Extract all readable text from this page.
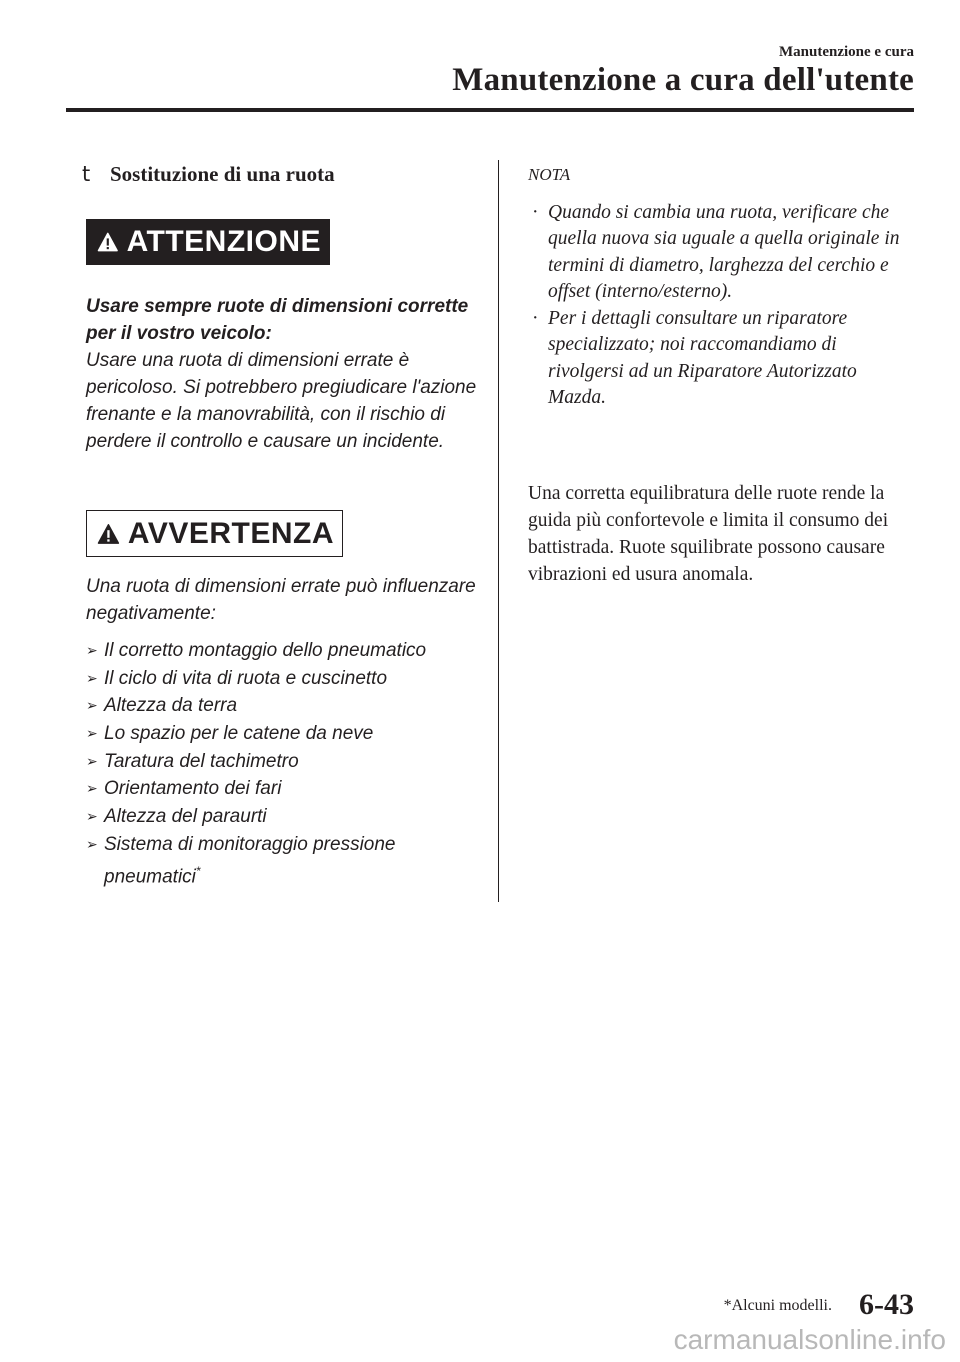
Manutenzione e cura
Manutenzione a cura dell'utente
t Sostituzione di una ruota
ATTENZIONE
Usare sempre ruote di dimensioni corrette per il vostro veicolo:
Usare una ruota di dimensioni errate è pericoloso. Si potrebbero pregiudicare l'azione frenante e la manovrabilità, con il rischio di perdere il controllo e causare un incidente.
AVVERTENZA
Una ruota di dimensioni errate può influenzare negativamente:
➢ Il corretto montaggio dello pneumatico
➢ Il ciclo di vita di ruota e cuscinetto
➢ Altezza da terra
➢ Lo spazio per le catene da neve
➢ Taratura del tachimetro
➢ Orientamento dei fari
➢ Altezza del paraurti
➢ Sistema di monitoraggio pressione pneumatici*
NOTA
· Quando si cambia una ruota, verificare che quella nuova sia uguale a quella originale in termini di diametro, larghezza del cerchio e offset (interno/esterno).
· Per i dettagli consultare un riparatore specializzato; noi raccomandiamo di rivolgersi ad un Riparatore Autorizzato Mazda.
Una corretta equilibratura delle ruote rende la guida più confortevole e limita il consumo dei battistrada. Ruote squilibrate possono causare vibrazioni ed usura anomala.
*Alcuni modelli. 6-43
carmanualsonline.info
